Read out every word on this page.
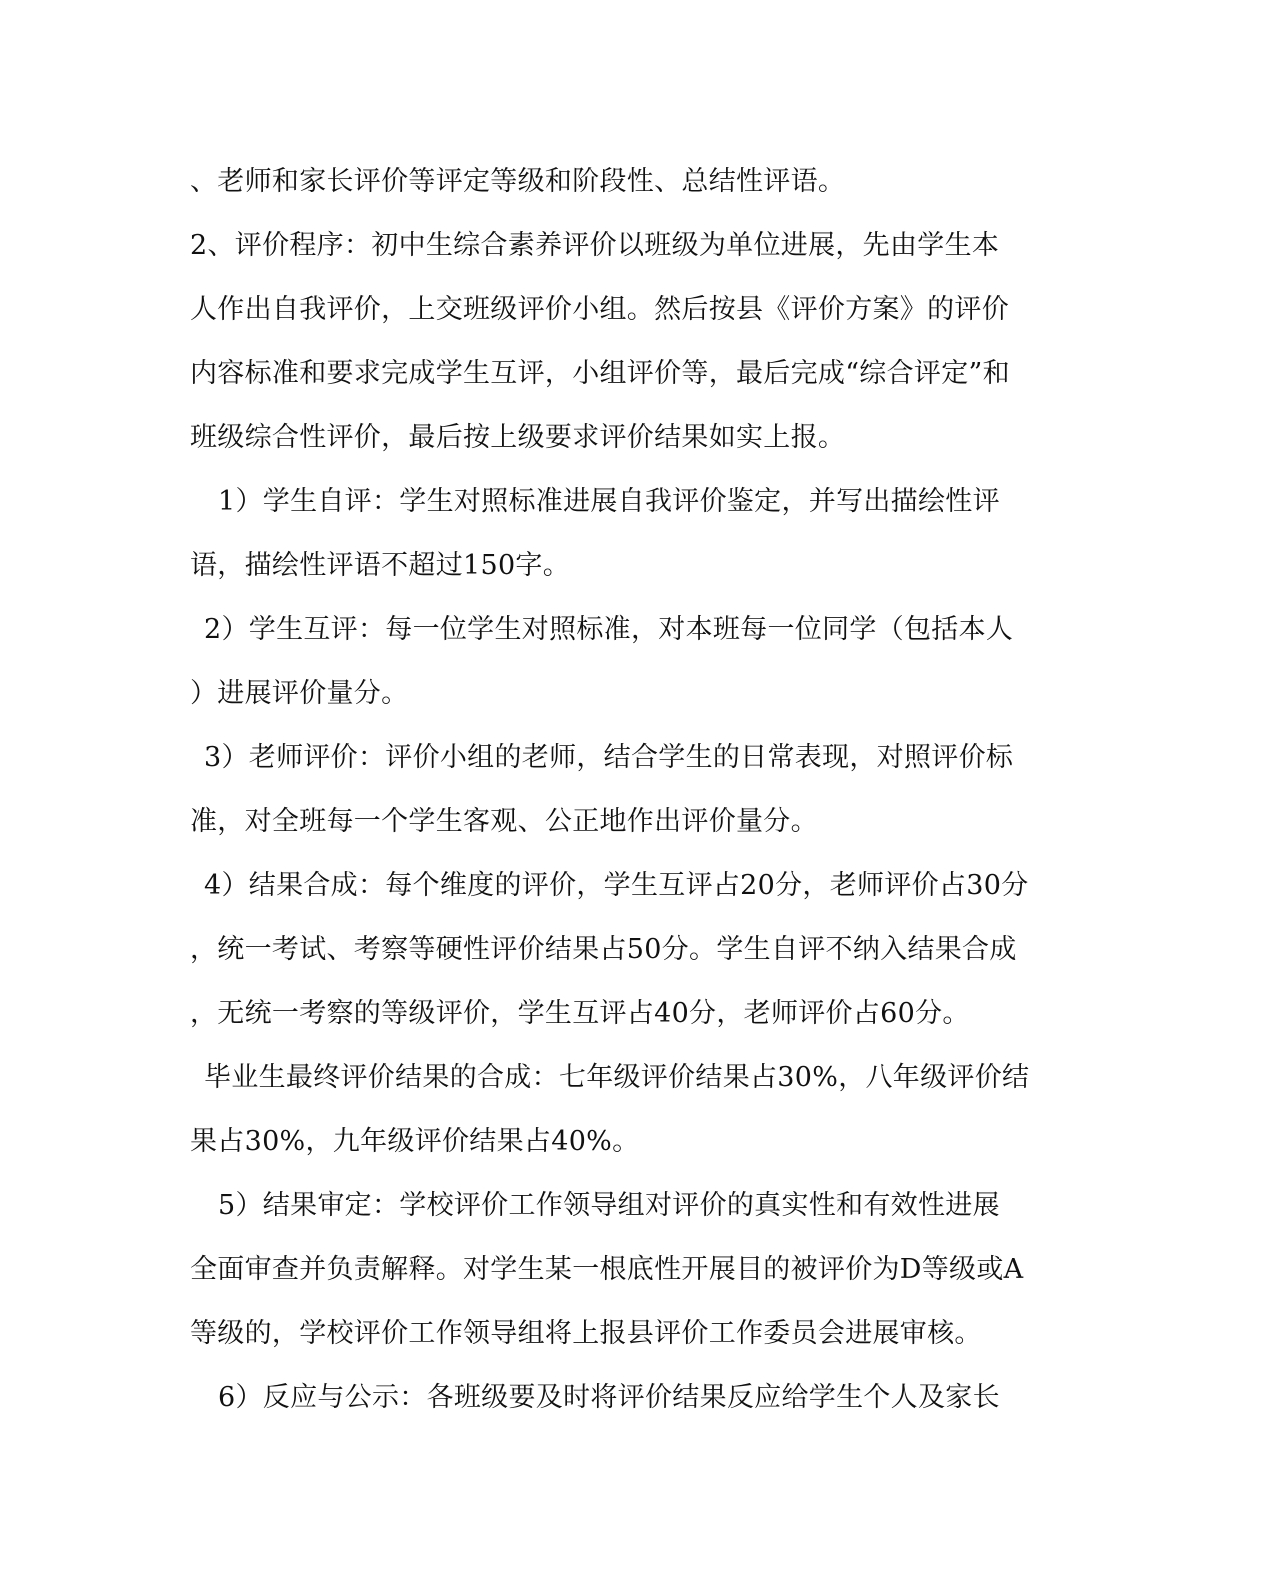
、老师和家长评价等评定等级和阶段性、总结性评语。
2、评价程序：初中生综合素养评价以班级为单位进展，先由学生本
人作出自我评价，上交班级评价小组。然后按县《评价方案》的评价
内容标准和要求完成学生互评，小组评价等，最后完成“综合评定”和
班级综合性评价，最后按上级要求评价结果如实上报。
1）学生自评：学生对照标准进展自我评价鉴定，并写出描绘性评
语，描绘性评语不超过150字。
2）学生互评：每一位学生对照标准，对本班每一位同学（包括本人
）进展评价量分。
3）老师评价：评价小组的老师，结合学生的日常表现，对照评价标
准，对全班每一个学生客观、公正地作出评价量分。
4）结果合成：每个维度的评价，学生互评占20分，老师评价占30分
，统一考试、考察等硬性评价结果占50分。学生自评不纳入结果合成
，无统一考察的等级评价，学生互评占40分，老师评价占60分。
毕业生最终评价结果的合成：七年级评价结果占30%，八年级评价结
果占30%，九年级评价结果占40%。
5）结果审定：学校评价工作领导组对评价的真实性和有效性进展
全面审查并负责解释。对学生某一根底性开展目的被评价为D等级或A
等级的，学校评价工作领导组将上报县评价工作委员会进展审核。
6）反应与公示：各班级要及时将评价结果反应给学生个人及家长
